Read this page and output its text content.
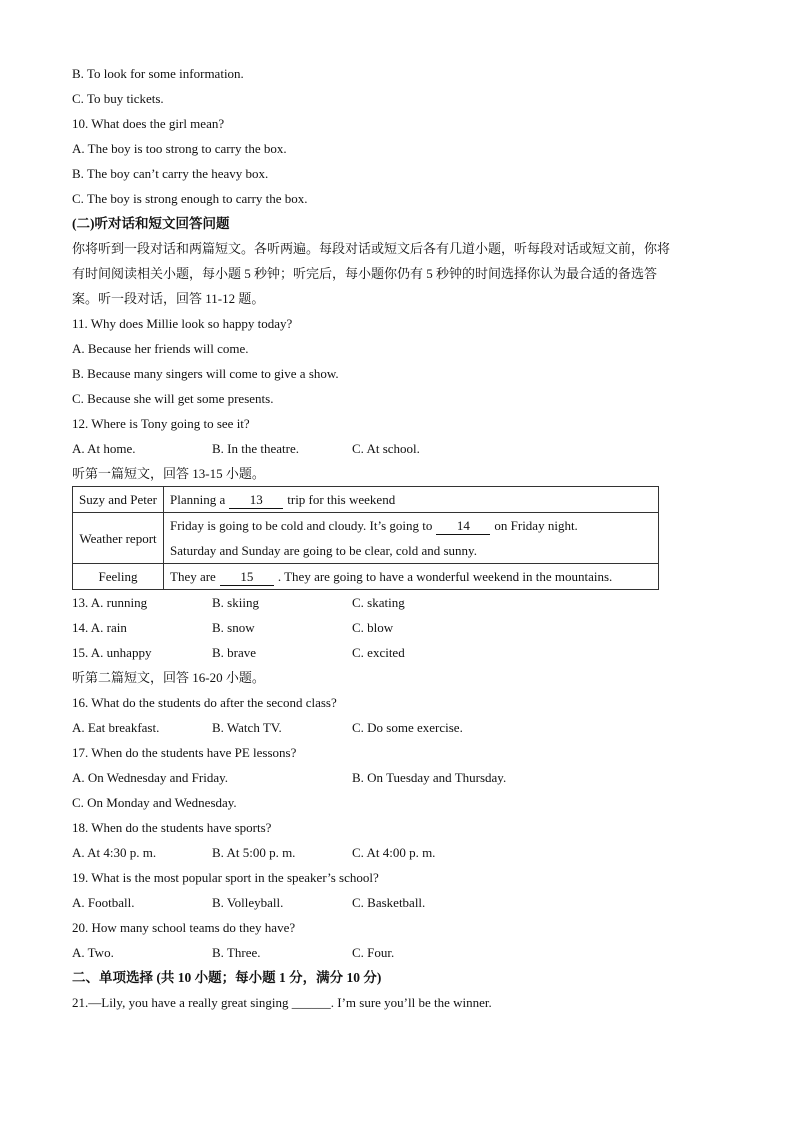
B. To look for some information.
C. To buy tickets.
10. What does the girl mean?
A. The boy is too strong to carry the box.
B. The boy can’t carry the heavy box.
C. The boy is strong enough to carry the box.
(二)听对话和短文回答问题
你将听到一段对话和两篇短文。各听两遍。每段对话或短文后各有几道小题，听每段对话或短文前，你将
有时间阅读相关小题，每小题 5 秒钟；听完后，每小题你仍有 5 秒钟的时间选择你认为最合适的备选答
案。听一段对话，回答 11-12 题。
11. Why does Millie look so happy today?
A. Because her friends will come.
B. Because many singers will come to give a show.
C. Because she will get some presents.
12. Where is Tony going to see it?
A. At home.	B. In the theatre.	C. At school.
听第一篇短文，回答 13-15 小题。
Suzy and Peter	Planning a 13 trip for this weekend
Weather report	Friday is going to be cold and cloudy. It’s going to 14 on Friday night.
Saturday and Sunday are going to be clear, cold and sunny.

Feeling	They are 15 . They are going to have a wonderful weekend in the mountains.
13. A. running	B. skiing	C. skating
14. A. rain	B. snow	C. blow
15. A. unhappy	B. brave	C. excited
听第二篇短文，回答 16-20 小题。
16. What do the students do after the second class?
A. Eat breakfast.	B. Watch TV.	C. Do some exercise.
17. When do the students have PE lessons?
A. On Wednesday and Friday.	B. On Tuesday and Thursday.
C. On Monday and Wednesday.
18. When do the students have sports?
A. At 4:30 p. m.	B. At 5:00 p. m.	C. At 4:00 p. m.
19. What is the most popular sport in the speaker’s school?
A. Football.	B. Volleyball.	C. Basketball.
20. How many school teams do they have?
A. Two.	B. Three.	C. Four.
二、单项选择 (共 10 小题；每小题 1 分，满分 10 分)
21.—Lily, you have a really great singing ______. I’m sure you’ll be the winner.
